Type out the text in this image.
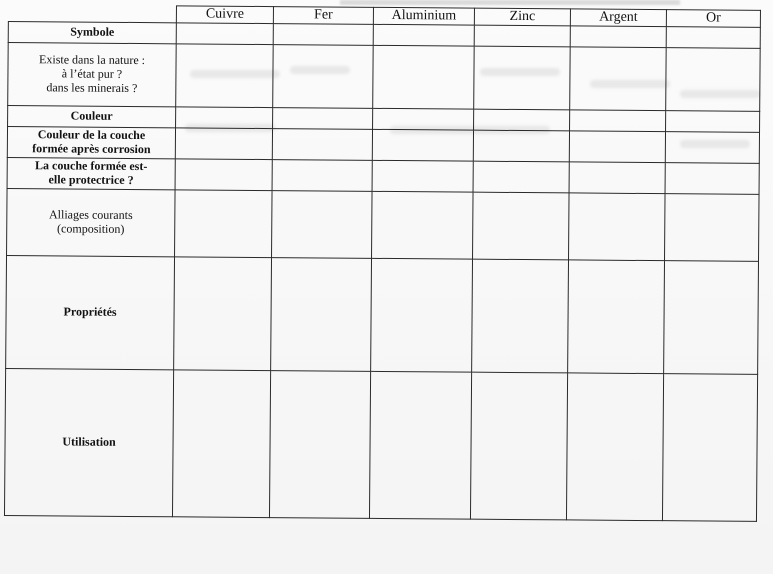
	Cuivre	Fer	Aluminium	Zinc	Argent	Or
Symbole						

Existe dans la nature :
à l’état pur ?
dans les minerais ?						

Couleur						

Couleur de la couche
formée après corrosion						

La couche formée est-
elle protectrice ?						

Alliages courants
(composition)						

Propriétés						
Utilisation						
